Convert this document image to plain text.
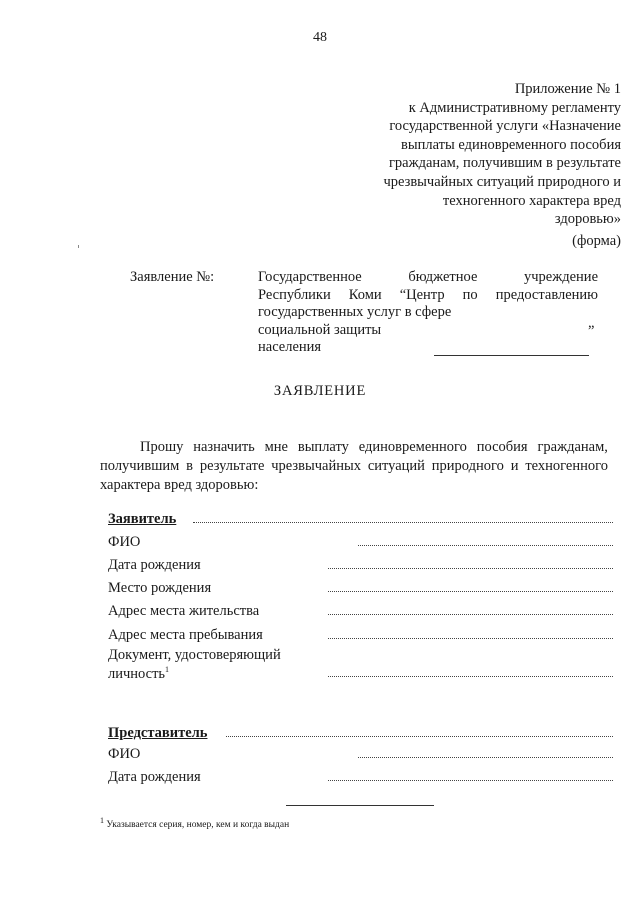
48
Приложение № 1
к Административному регламенту
государственной услуги «Назначение
выплаты единовременного пособия
гражданам, получившим в результате
чрезвычайных ситуаций природного и
техногенного характера вред
здоровью»
(форма)
Заявление №:	Государственное	бюджетное	учреждение
Республики Коми “Центр по предоставлению
государственных услуг в сфере
социальной защиты
населения
”
ЗАЯВЛЕНИЕ
Прошу назначить мне выплату единовременного пособия гражданам,
получившим в результате чрезвычайных ситуаций природного и техногенного
характера вред здоровью:
Заявитель
ФИО
Дата рождения
Место рождения
Адрес места жительства
Адрес места пребывания
Документ, удостоверяющий
личность$^1$
Представитель
ФИО
Дата рождения
$^1$ Указывается серия, номер, кем и когда выдан
